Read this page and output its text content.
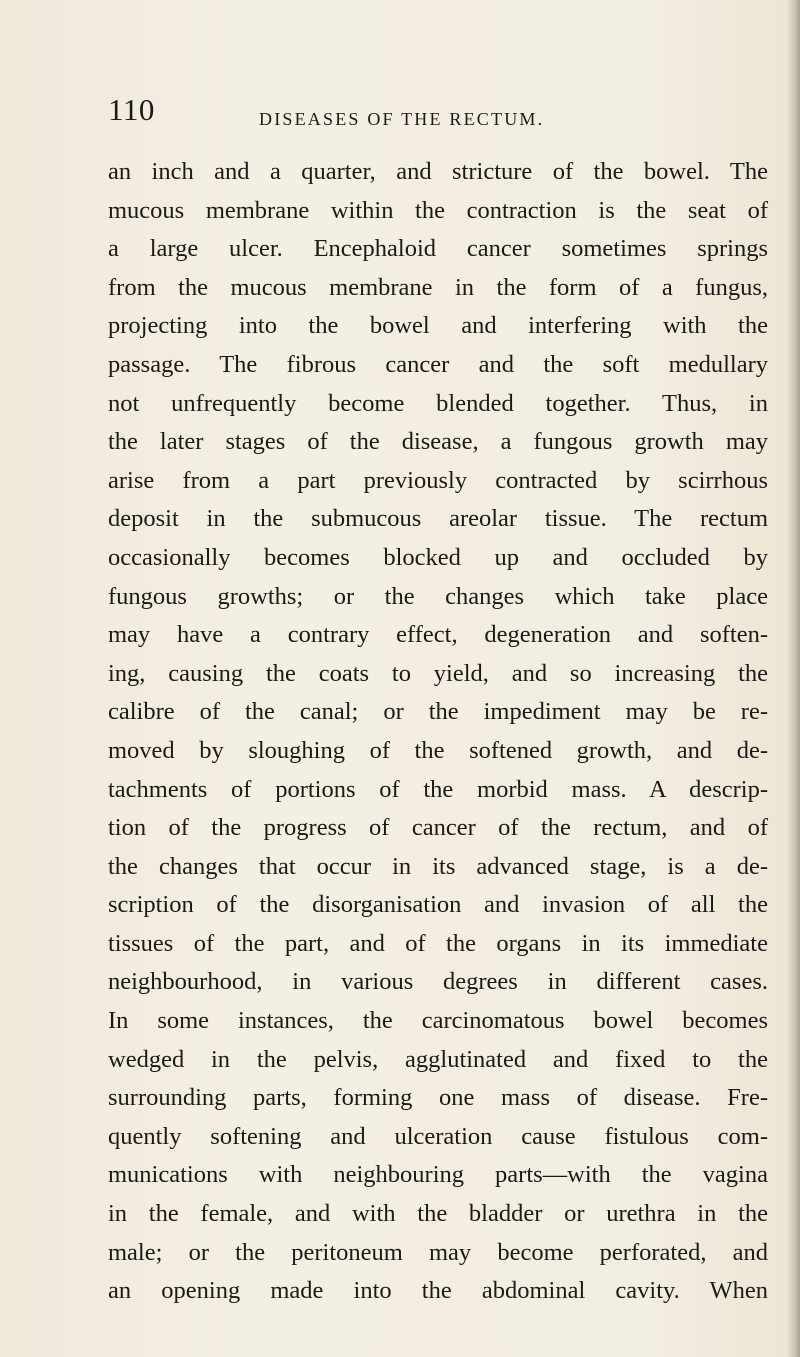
110	DISEASES OF THE RECTUM.
an inch and a quarter, and stricture of the bowel. The
mucous membrane within the contraction is the seat of
a large ulcer. Encephaloid cancer sometimes springs
from the mucous membrane in the form of a fungus,
projecting into the bowel and interfering with the
passage. The fibrous cancer and the soft medullary
not unfrequently become blended together. Thus, in
the later stages of the disease, a fungous growth may
arise from a part previously contracted by scirrhous
deposit in the submucous areolar tissue. The rectum
occasionally becomes blocked up and occluded by
fungous growths; or the changes which take place
may have a contrary effect, degeneration and soften-
ing, causing the coats to yield, and so increasing the
calibre of the canal; or the impediment may be re-
moved by sloughing of the softened growth, and de-
tachments of portions of the morbid mass. A descrip-
tion of the progress of cancer of the rectum, and of
the changes that occur in its advanced stage, is a de-
scription of the disorganisation and invasion of all the
tissues of the part, and of the organs in its immediate
neighbourhood, in various degrees in different cases.
In some instances, the carcinomatous bowel becomes
wedged in the pelvis, agglutinated and fixed to the
surrounding parts, forming one mass of disease. Fre-
quently softening and ulceration cause fistulous com-
munications with neighbouring parts—with the vagina
in the female, and with the bladder or urethra in the
male; or the peritoneum may become perforated, and
an opening made into the abdominal cavity. When
